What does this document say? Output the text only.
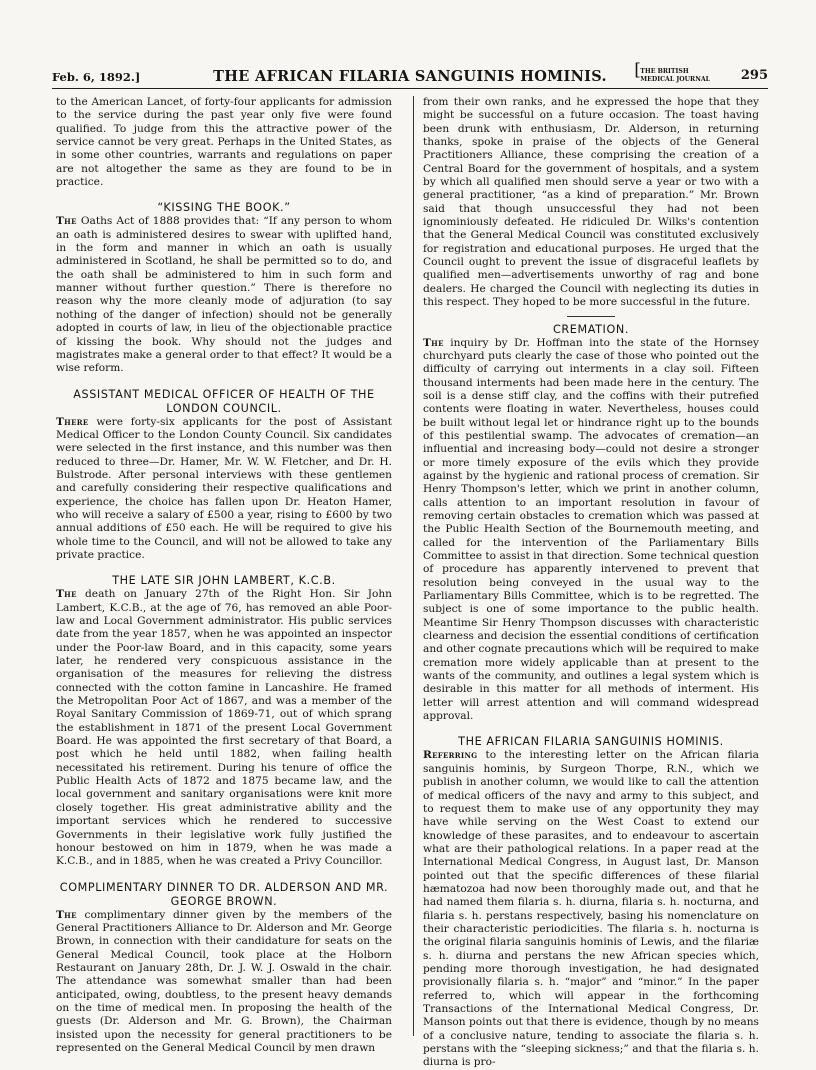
Feb. 6, 1892.]	THE AFRICAN FILARIA SANGUINIS HOMINIS.	[ THE BRITISH
MEDICAL JOURNAL 295

to the American Lancet, of forty-four applicants for admission to the service during the past year only five were found qualified. To judge from this the attractive power of the service cannot be very great. Perhaps in the United States, as in some other countries, warrants and regulations on paper are not altogether the same as they are found to be in practice.

“KISSING THE BOOK.”

The Oaths Act of 1888 provides that: “If any person to whom an oath is administered desires to swear with uplifted hand, in the form and manner in which an oath is usually administered in Scotland, he shall be permitted so to do, and the oath shall be administered to him in such form and manner without further question.” There is therefore no reason why the more cleanly mode of adjuration (to say nothing of the danger of infection) should not be generally adopted in courts of law, in lieu of the objectionable practice of kissing the book. Why should not the judges and magistrates make a general order to that effect? It would be a wise reform.

ASSISTANT MEDICAL OFFICER OF HEALTH OF THE LONDON COUNCIL.

There were forty-six applicants for the post of Assistant Medical Officer to the London County Council. Six candidates were selected in the first instance, and this number was then reduced to three—Dr. Hamer, Mr. W. W. Fletcher, and Dr. H. Bulstrode. After personal interviews with these gentlemen and carefully considering their respective qualifications and experience, the choice has fallen upon Dr. Heaton Hamer, who will receive a salary of £500 a year, rising to £600 by two annual additions of £50 each. He will be required to give his whole time to the Council, and will not be allowed to take any private practice.

THE LATE SIR JOHN LAMBERT, K.C.B.

The death on January 27th of the Right Hon. Sir John Lambert, K.C.B., at the age of 76, has removed an able Poor-law and Local Government administrator. His public services date from the year 1857, when he was appointed an inspector under the Poor-law Board, and in this capacity, some years later, he rendered very conspicuous assistance in the organisation of the measures for relieving the distress connected with the cotton famine in Lancashire. He framed the Metropolitan Poor Act of 1867, and was a member of the Royal Sanitary Commission of 1869-71, out of which sprang the establishment in 1871 of the present Local Government Board. He was appointed the first secretary of that Board, a post which he held until 1882, when failing health necessitated his retirement. During his tenure of office the Public Health Acts of 1872 and 1875 became law, and the local government and sanitary organisations were knit more closely together. His great administrative ability and the important services which he rendered to successive Governments in their legislative work fully justified the honour bestowed on him in 1879, when he was made a K.C.B., and in 1885, when he was created a Privy Councillor.

COMPLIMENTARY DINNER TO DR. ALDERSON AND MR. GEORGE BROWN.

The complimentary dinner given by the members of the General Practitioners Alliance to Dr. Alderson and Mr. George Brown, in connection with their candidature for seats on the General Medical Council, took place at the Holborn Restaurant on January 28th, Dr. J. W. J. Oswald in the chair. The attendance was somewhat smaller than had been anticipated, owing, doubtless, to the present heavy demands on the time of medical men. In proposing the health of the guests (Dr. Alderson and Mr. G. Brown), the Chairman insisted upon the necessity for general practitioners to be represented on the General Medical Council by men drawn

from their own ranks, and he expressed the hope that they might be successful on a future occasion. The toast having been drunk with enthusiasm, Dr. Alderson, in returning thanks, spoke in praise of the objects of the General Practitioners Alliance, these comprising the creation of a Central Board for the government of hospitals, and a system by which all qualified men should serve a year or two with a general practitioner, “as a kind of preparation.” Mr. Brown said that though unsuccessful they had not been ignominiously defeated. He ridiculed Dr. Wilks's contention that the General Medical Council was constituted exclusively for registration and educational purposes. He urged that the Council ought to prevent the issue of disgraceful leaflets by qualified men—advertisements unworthy of rag and bone dealers. He charged the Council with neglecting its duties in this respect. They hoped to be more successful in the future.

CREMATION.

The inquiry by Dr. Hoffman into the state of the Hornsey churchyard puts clearly the case of those who pointed out the difficulty of carrying out interments in a clay soil. Fifteen thousand interments had been made here in the century. The soil is a dense stiff clay, and the coffins with their putrefied contents were floating in water. Nevertheless, houses could be built without legal let or hindrance right up to the bounds of this pestilential swamp. The advocates of cremation—an influential and increasing body—could not desire a stronger or more timely exposure of the evils which they provide against by the hygienic and rational process of cremation. Sir Henry Thompson's letter, which we print in another column, calls attention to an important resolution in favour of removing certain obstacles to cremation which was passed at the Public Health Section of the Bournemouth meeting, and called for the intervention of the Parliamentary Bills Committee to assist in that direction. Some technical question of procedure has apparently intervened to prevent that resolution being conveyed in the usual way to the Parliamentary Bills Committee, which is to be regretted. The subject is one of some importance to the public health. Meantime Sir Henry Thompson discusses with characteristic clearness and decision the essential conditions of certification and other cognate precautions which will be required to make cremation more widely applicable than at present to the wants of the community, and outlines a legal system which is desirable in this matter for all methods of interment. His letter will arrest attention and will command widespread approval.

THE AFRICAN FILARIA SANGUINIS HOMINIS.

Referring to the interesting letter on the African filaria sanguinis hominis, by Surgeon Thorpe, R.N., which we publish in another column, we would like to call the attention of medical officers of the navy and army to this subject, and to request them to make use of any opportunity they may have while serving on the West Coast to extend our knowledge of these parasites, and to endeavour to ascertain what are their pathological relations. In a paper read at the International Medical Congress, in August last, Dr. Manson pointed out that the specific differences of these filarial hæmatozoa had now been thoroughly made out, and that he had named them filaria s. h. diurna, filaria s. h. nocturna, and filaria s. h. perstans respectively, basing his nomenclature on their characteristic periodicities. The filaria s. h. nocturna is the original filaria sanguinis hominis of Lewis, and the filariæ s. h. diurna and perstans the new African species which, pending more thorough investigation, he had designated provisionally filaria s. h. “major” and “minor.” In the paper referred to, which will appear in the forthcoming Transactions of the International Medical Congress, Dr. Manson points out that there is evidence, though by no means of a conclusive nature, tending to associate the filaria s. h. perstans with the “sleeping sickness;” and that the filaria s. h. diurna is pro-
